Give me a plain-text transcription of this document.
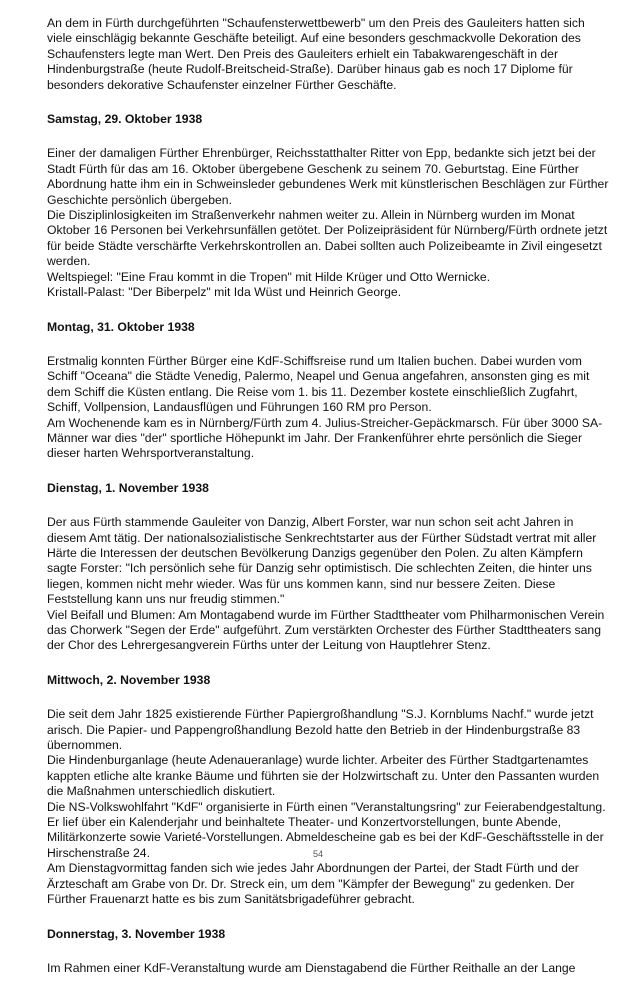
An dem in Fürth durchgeführten "Schaufensterwettbewerb" um den Preis des Gauleiters hatten sich
viele einschlägig bekannte Geschäfte beteiligt. Auf eine besonders geschmackvolle Dekoration des
Schaufensters legte man Wert. Den Preis des Gauleiters erhielt ein Tabakwarengeschäft in der
Hindenburgstraße (heute Rudolf-Breitscheid-Straße). Darüber hinaus gab es noch 17 Diplome für
besonders dekorative Schaufenster einzelner Fürther Geschäfte.
Samstag, 29. Oktober 1938
Einer der damaligen Fürther Ehrenbürger, Reichsstatthalter Ritter von Epp, bedankte sich jetzt bei der
Stadt Fürth für das am 16. Oktober übergebene Geschenk zu seinem 70. Geburtstag. Eine Fürther
Abordnung hatte ihm ein in Schweinsleder gebundenes Werk mit künstlerischen Beschlägen zur Fürther
Geschichte persönlich übergeben.
Die Disziplinlosigkeiten im Straßenverkehr nahmen weiter zu. Allein in Nürnberg wurden im Monat
Oktober 16 Personen bei Verkehrsunfällen getötet. Der Polizeipräsident für Nürnberg/Fürth ordnete jetzt
für beide Städte verschärfte Verkehrskontrollen an. Dabei sollten auch Polizeibeamte in Zivil eingesetzt
werden.
Weltspiegel: "Eine Frau kommt in die Tropen" mit Hilde Krüger und Otto Wernicke.
Kristall-Palast: "Der Biberpelz" mit Ida Wüst und Heinrich George.
Montag, 31. Oktober 1938
Erstmalig konnten Fürther Bürger eine KdF-Schiffsreise rund um Italien buchen. Dabei wurden vom
Schiff "Oceana" die Städte Venedig, Palermo, Neapel und Genua angefahren, ansonsten ging es mit
dem Schiff die Küsten entlang. Die Reise vom 1. bis 11. Dezember kostete einschließlich Zugfahrt,
Schiff, Vollpension, Landausflügen und Führungen 160 RM pro Person.
Am Wochenende kam es in Nürnberg/Fürth zum 4. Julius-Streicher-Gepäckmarsch. Für über 3000 SA-
Männer war dies "der" sportliche Höhepunkt im Jahr. Der Frankenführer ehrte persönlich die Sieger
dieser harten Wehrsportveranstaltung.
Dienstag, 1. November 1938
Der aus Fürth stammende Gauleiter von Danzig, Albert Forster, war nun schon seit acht Jahren in
diesem Amt tätig. Der nationalsozialistische Senkrechtstarter aus der Fürther Südstadt vertrat mit aller
Härte die Interessen der deutschen Bevölkerung Danzigs gegenüber den Polen. Zu alten Kämpfern
sagte Forster: "Ich persönlich sehe für Danzig sehr optimistisch. Die schlechten Zeiten, die hinter uns
liegen, kommen nicht mehr wieder. Was für uns kommen kann, sind nur bessere Zeiten. Diese
Feststellung kann uns nur freudig stimmen."
Viel Beifall und Blumen: Am Montagabend wurde im Fürther Stadttheater vom Philharmonischen Verein
das Chorwerk "Segen der Erde" aufgeführt. Zum verstärkten Orchester des Fürther Stadttheaters sang
der Chor des Lehrergesangverein Fürths unter der Leitung von Hauptlehrer Stenz.
Mittwoch, 2. November 1938
Die seit dem Jahr 1825 existierende Fürther Papiergroßhandlung "S.J. Kornblums Nachf." wurde jetzt
arisch. Die Papier- und Pappengroßhandlung Bezold hatte den Betrieb in der Hindenburgstraße 83
übernommen.
Die Hindenburganlage (heute Adenaueranlage) wurde lichter. Arbeiter des Fürther Stadtgartenamtes
kappten etliche alte kranke Bäume und führten sie der Holzwirtschaft zu. Unter den Passanten wurden
die Maßnahmen unterschiedlich diskutiert.
Die NS-Volkswohlfahrt "KdF" organisierte in Fürth einen "Veranstaltungsring" zur Feierabendgestaltung.
Er lief über ein Kalenderjahr und beinhaltete Theater- und Konzertvorstellungen, bunte Abende,
Militärkonzerte sowie Varieté-Vorstellungen. Abmeldescheine gab es bei der KdF-Geschäftsstelle in der
Hirschenstraße 24.
Am Dienstagvormittag fanden sich wie jedes Jahr Abordnungen der Partei, der Stadt Fürth und der
Ärzteschaft am Grabe von Dr. Dr. Streck ein, um dem "Kämpfer der Bewegung" zu gedenken. Der
Fürther Frauenarzt hatte es bis zum Sanitätsbrigadeführer gebracht.
Donnerstag, 3. November 1938
Im Rahmen einer KdF-Veranstaltung wurde am Dienstagabend die Fürther Reithalle an der Lange
54
